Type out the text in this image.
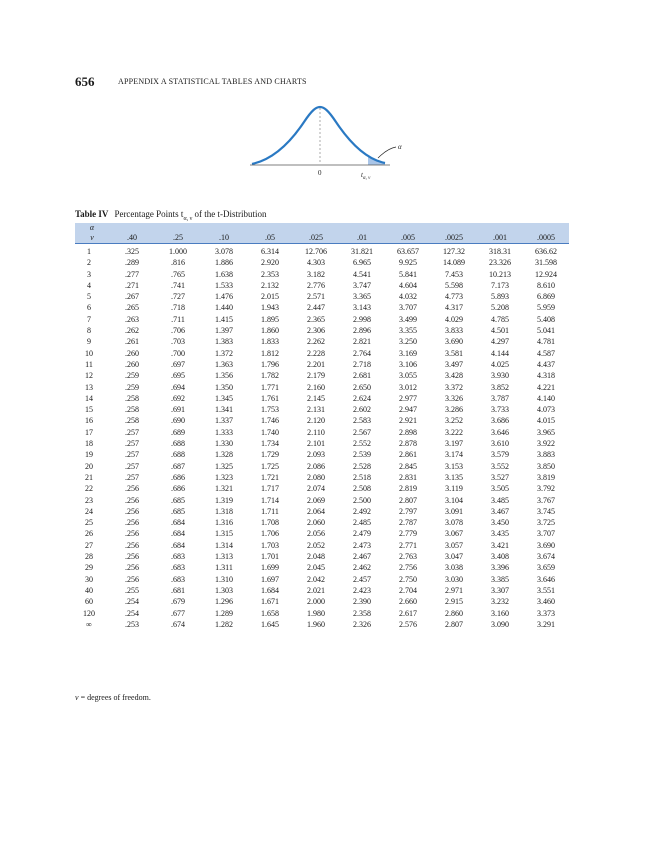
656	APPENDIX A STATISTICAL TABLES AND CHARTS
α
0	$t_{\alpha, \nu}$
Table IV Percentage Points $t_{\alpha, \nu}$ of the t-Distribution
α										
ν	.40	.25	.10	.05	.025	.01	.005	.0025	.001	.0005
1	.325	1.000	3.078	6.314	12.706	31.821	63.657	127.32	318.31	636.62
2	.289	.816	1.886	2.920	4.303	6.965	9.925	14.089	23.326	31.598
3	.277	.765	1.638	2.353	3.182	4.541	5.841	7.453	10.213	12.924
4	.271	.741	1.533	2.132	2.776	3.747	4.604	5.598	7.173	8.610
5	.267	.727	1.476	2.015	2.571	3.365	4.032	4.773	5.893	6.869
6	.265	.718	1.440	1.943	2.447	3.143	3.707	4.317	5.208	5.959
7	.263	.711	1.415	1.895	2.365	2.998	3.499	4.029	4.785	5.408
8	.262	.706	1.397	1.860	2.306	2.896	3.355	3.833	4.501	5.041
9	.261	.703	1.383	1.833	2.262	2.821	3.250	3.690	4.297	4.781
10	.260	.700	1.372	1.812	2.228	2.764	3.169	3.581	4.144	4.587
11	.260	.697	1.363	1.796	2.201	2.718	3.106	3.497	4.025	4.437
12	.259	.695	1.356	1.782	2.179	2.681	3.055	3.428	3.930	4.318
13	.259	.694	1.350	1.771	2.160	2.650	3.012	3.372	3.852	4.221
14	.258	.692	1.345	1.761	2.145	2.624	2.977	3.326	3.787	4.140
15	.258	.691	1.341	1.753	2.131	2.602	2.947	3.286	3.733	4.073
16	.258	.690	1.337	1.746	2.120	2.583	2.921	3.252	3.686	4.015
17	.257	.689	1.333	1.740	2.110	2.567	2.898	3.222	3.646	3.965
18	.257	.688	1.330	1.734	2.101	2.552	2.878	3.197	3.610	3.922
19	.257	.688	1.328	1.729	2.093	2.539	2.861	3.174	3.579	3.883
20	.257	.687	1.325	1.725	2.086	2.528	2.845	3.153	3.552	3.850
21	.257	.686	1.323	1.721	2.080	2.518	2.831	3.135	3.527	3.819
22	.256	.686	1.321	1.717	2.074	2.508	2.819	3.119	3.505	3.792
23	.256	.685	1.319	1.714	2.069	2.500	2.807	3.104	3.485	3.767
24	.256	.685	1.318	1.711	2.064	2.492	2.797	3.091	3.467	3.745
25	.256	.684	1.316	1.708	2.060	2.485	2.787	3.078	3.450	3.725
26	.256	.684	1.315	1.706	2.056	2.479	2.779	3.067	3.435	3.707
27	.256	.684	1.314	1.703	2.052	2.473	2.771	3.057	3.421	3.690
28	.256	.683	1.313	1.701	2.048	2.467	2.763	3.047	3.408	3.674
29	.256	.683	1.311	1.699	2.045	2.462	2.756	3.038	3.396	3.659
30	.256	.683	1.310	1.697	2.042	2.457	2.750	3.030	3.385	3.646
40	.255	.681	1.303	1.684	2.021	2.423	2.704	2.971	3.307	3.551
60	.254	.679	1.296	1.671	2.000	2.390	2.660	2.915	3.232	3.460
120	.254	.677	1.289	1.658	1.980	2.358	2.617	2.860	3.160	3.373
∞	.253	.674	1.282	1.645	1.960	2.326	2.576	2.807	3.090	3.291
ν = degrees of freedom.
